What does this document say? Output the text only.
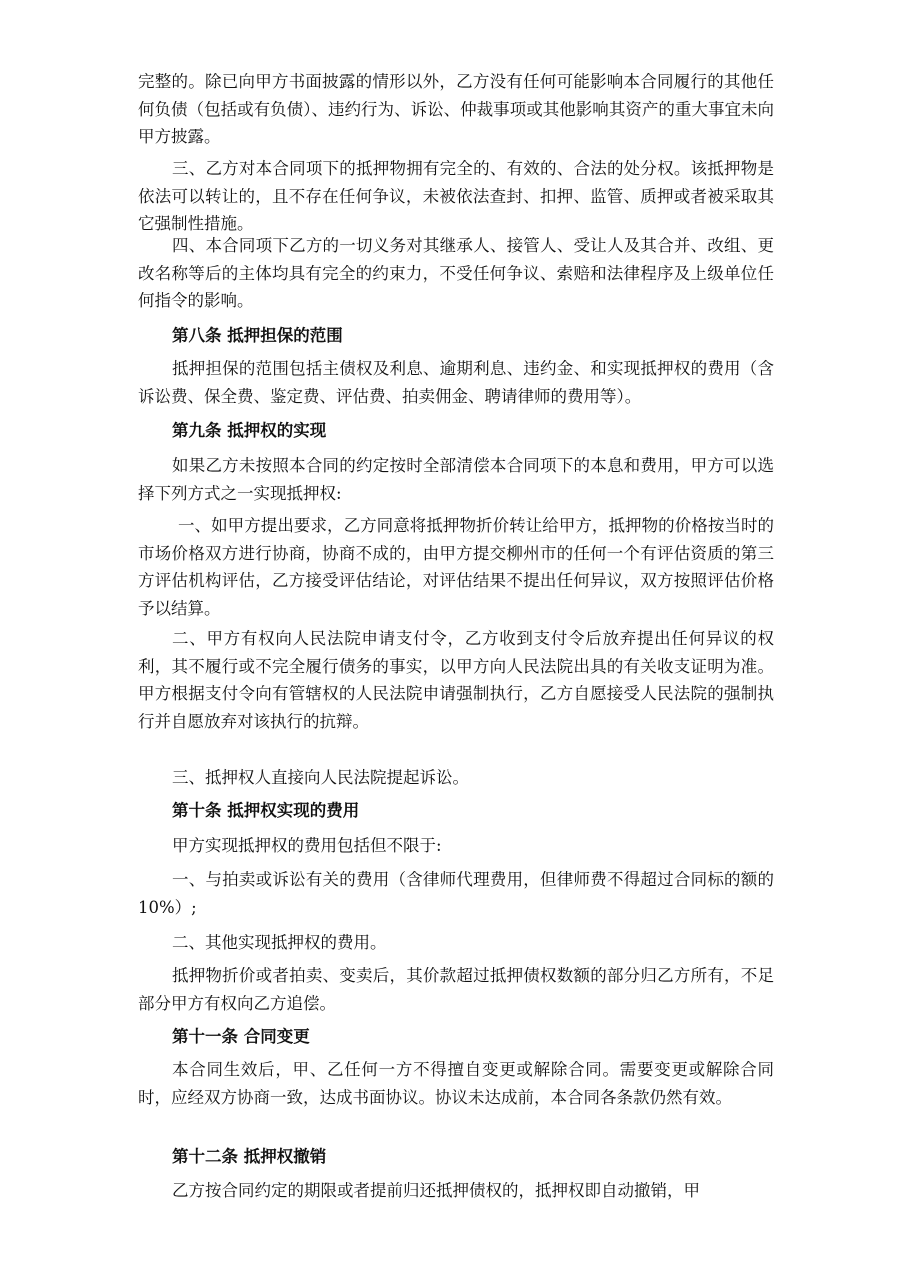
完整的。除已向甲方书面披露的情形以外，乙方没有任何可能影响本合同履行的其他任何负债（包括或有负债）、违约行为、诉讼、仲裁事项或其他影响其资产的重大事宜未向甲方披露。

三、乙方对本合同项下的抵押物拥有完全的、有效的、合法的处分权。该抵押物是依法可以转让的，且不存在任何争议，未被依法查封、扣押、监管、质押或者被采取其它强制性措施。

四、本合同项下乙方的一切义务对其继承人、接管人、受让人及其合并、改组、更改名称等后的主体均具有完全的约束力，不受任何争议、索赔和法律程序及上级单位任何指令的影响。

第八条 抵押担保的范围

抵押担保的范围包括主债权及利息、逾期利息、违约金、和实现抵押权的费用（含诉讼费、保全费、鉴定费、评估费、拍卖佣金、聘请律师的费用等）。

第九条 抵押权的实现

如果乙方未按照本合同的约定按时全部清偿本合同项下的本息和费用，甲方可以选择下列方式之一实现抵押权:

一、如甲方提出要求，乙方同意将抵押物折价转让给甲方，抵押物的价格按当时的市场价格双方进行协商，协商不成的，由甲方提交柳州市的任何一个有评估资质的第三方评估机构评估，乙方接受评估结论，对评估结果不提出任何异议，双方按照评估价格予以结算。

二、甲方有权向人民法院申请支付令，乙方收到支付令后放弃提出任何异议的权利，其不履行或不完全履行债务的事实，以甲方向人民法院出具的有关收支证明为准。甲方根据支付令向有管辖权的人民法院申请强制执行，乙方自愿接受人民法院的强制执行并自愿放弃对该执行的抗辩。

三、抵押权人直接向人民法院提起诉讼。

第十条 抵押权实现的费用

甲方实现抵押权的费用包括但不限于:

一、与拍卖或诉讼有关的费用（含律师代理费用，但律师费不得超过合同标的额的 10%）;

二、其他实现抵押权的费用。

抵押物折价或者拍卖、变卖后，其价款超过抵押债权数额的部分归乙方所有，不足部分甲方有权向乙方追偿。

第十一条 合同变更

本合同生效后，甲、乙任何一方不得擅自变更或解除合同。需要变更或解除合同时，应经双方协商一致，达成书面协议。协议未达成前，本合同各条款仍然有效。

第十二条 抵押权撤销

乙方按合同约定的期限或者提前归还抵押债权的，抵押权即自动撤销，甲
